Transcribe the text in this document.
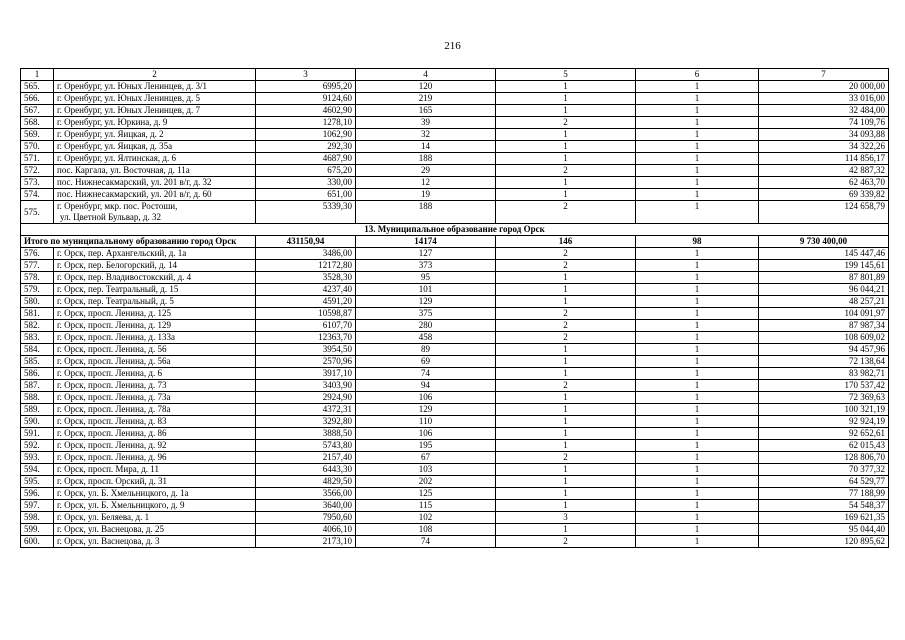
216
1	2	3	4	5	6	7
565.	г. Оренбург, ул. Юных Ленинцев, д. 3/1	6995,20	120	1	1	20 000,00
566.	г. Оренбург, ул. Юных Ленинцев, д. 5	9124,60	219	1	1	33 016,00
567.	г. Оренбург, ул. Юных Ленинцев, д. 7	4602,90	165	1	1	32 484,00
568.	г. Оренбург, ул. Юркина, д. 9	1278,10	39	2	1	74 109,76
569.	г. Оренбург, ул. Яицкая, д. 2	1062,90	32	1	1	34 093,88
570.	г. Оренбург, ул. Яицкая, д. 35а	292,30	14	1	1	34 322,26
571.	г. Оренбург, ул. Ялтинская, д. 6	4687,90	188	1	1	114 856,17
572.	пос. Каргала, ул. Восточная, д. 11а	675,20	29	2	1	42 887,32
573.	пос. Нижнесакмарский, ул. 201 в/г, д. 32	330,00	12	1	1	62 463,70
574.	пос. Нижнесакмарский, ул. 201 в/г, д. 60	651,00	19	1	1	69 339,82
575.	г. Оренбург, мкр. пос. Ростоши,
ул. Цветной Бульвар, д. 32	5339,30	188	2	1	124 658,79
13. Муниципальное образование город Орск						
Итого по муниципальному образованию город Орск		431150,94	14174	146	98	9 730 400,00
576.	г. Орск, пер. Архангельский, д. 1а	3486,00	127	2	1	145 447,46
577.	г. Орск, пер. Белогорский, д. 14	12172,80	373	2	1	199 145,61
578.	г. Орск, пер. Владивостокский, д. 4	3528,30	95	1	1	87 801,89
579.	г. Орск, пер. Театральный, д. 15	4237,40	101	1	1	96 044,21
580.	г. Орск, пер. Театральный, д. 5	4591,20	129	1	1	48 257,21
581.	г. Орск, просп. Ленина, д. 125	10598,87	375	2	1	104 091,97
582.	г. Орск, просп. Ленина, д. 129	6107,70	280	2	1	87 987,34
583.	г. Орск, просп. Ленина, д. 133а	12363,70	458	2	1	108 609,02
584.	г. Орск, просп. Ленина, д. 56	3954,50	89	1	1	94 457,96
585.	г. Орск, просп. Ленина, д. 56а	2570,96	69	1	1	72 138,64
586.	г. Орск, просп. Ленина, д. 6	3917,10	74	1	1	83 982,71
587.	г. Орск, просп. Ленина, д. 73	3403,90	94	2	1	170 537,42
588.	г. Орск, просп. Ленина, д. 73а	2924,90	106	1	1	72 369,63
589.	г. Орск, просп. Ленина, д. 78а	4372,31	129	1	1	100 321,19
590.	г. Орск, просп. Ленина, д. 83	3292,80	110	1	1	92 924,19
591.	г. Орск, просп. Ленина, д. 86	3888,50	106	1	1	92 652,61
592.	г. Орск, просп. Ленина, д. 92	5743,80	195	1	1	62 015,43
593.	г. Орск, просп. Ленина, д. 96	2157,40	67	2	1	128 806,70
594.	г. Орск, просп. Мира, д. 11	6443,30	103	1	1	70 377,32
595.	г. Орск, просп. Орский, д. 31	4829,50	202	1	1	64 529,77
596.	г. Орск, ул. Б. Хмельницкого, д. 1а	3566,00	125	1	1	77 188,99
597.	г. Орск, ул. Б. Хмельницкого, д. 9	3640,00	115	1	1	54 548,37
598.	г. Орск, ул. Беляева, д. 1	7950,60	102	3	1	169 621,35
599.	г. Орск, ул. Васнецова, д. 25	4066,10	108	1	1	95 044,40
600.	г. Орск, ул. Васнецова, д. 3	2173,10	74	2	1	120 895,62
